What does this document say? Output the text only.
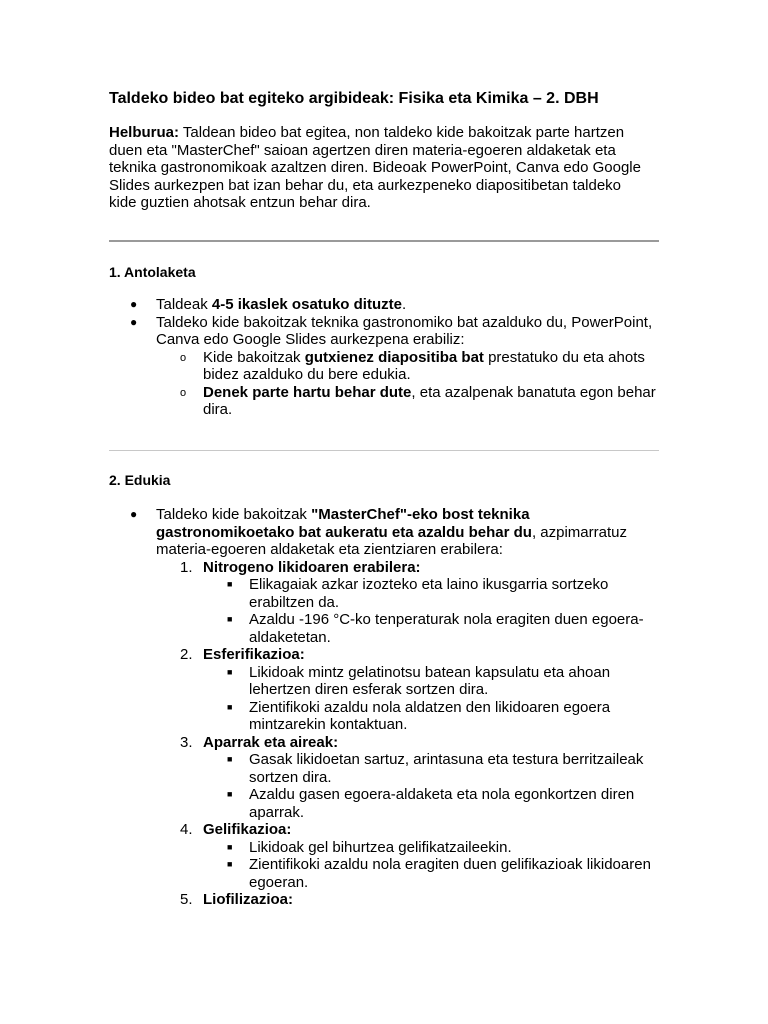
Taldeko bideo bat egiteko argibideak: Fisika eta Kimika – 2. DBH

Helburua: Taldean bideo bat egitea, non taldeko kide bakoitzak parte hartzen duen eta "MasterChef" saioan agertzen diren materia-egoeren aldaketak eta teknika gastronomikoak azaltzen diren. Bideoak PowerPoint, Canva edo Google Slides aurkezpen bat izan behar du, eta aurkezpeneko diapositibetan taldeko kide guztien ahotsak entzun behar dira.

1. Antolaketa
● Taldeak 4-5 ikaslek osatuko dituzte.
● Taldeko kide bakoitzak teknika gastronomiko bat azalduko du, PowerPoint, Canva edo Google Slides aurkezpena erabiliz:
o Kide bakoitzak gutxienez diapositiba bat prestatuko du eta ahots bidez azalduko du bere edukia.
o Denek parte hartu behar dute, eta azalpenak banatuta egon behar dira.
2. Edukia
● Taldeko kide bakoitzak "MasterChef"-eko bost teknika gastronomikoetako bat aukeratu eta azaldu behar du, azpimarratuz materia-egoeren aldaketak eta zientziaren erabilera:
1. Nitrogeno likidoaren erabilera:
■ Elikagaiak azkar izozteko eta laino ikusgarria sortzeko erabiltzen da.
■ Azaldu -196 °C-ko tenperaturak nola eragiten duen egoera-aldaketetan.
2. Esferifikazioa:
■ Likidoak mintz gelatinotsu batean kapsulatu eta ahoan lehertzen diren esferak sortzen dira.
■ Zientifikoki azaldu nola aldatzen den likidoaren egoera mintzarekin kontaktuan.
3. Aparrak eta aireak:
■ Gasak likidoetan sartuz, arintasuna eta testura berritzaileak sortzen dira.
■ Azaldu gasen egoera-aldaketa eta nola egonkortzen diren aparrak.
4. Gelifikazioa:
■ Likidoak gel bihurtzea gelifikatzaileekin.
■ Zientifikoki azaldu nola eragiten duen gelifikazioak likidoaren egoeran.
5. Liofilizazioa:
